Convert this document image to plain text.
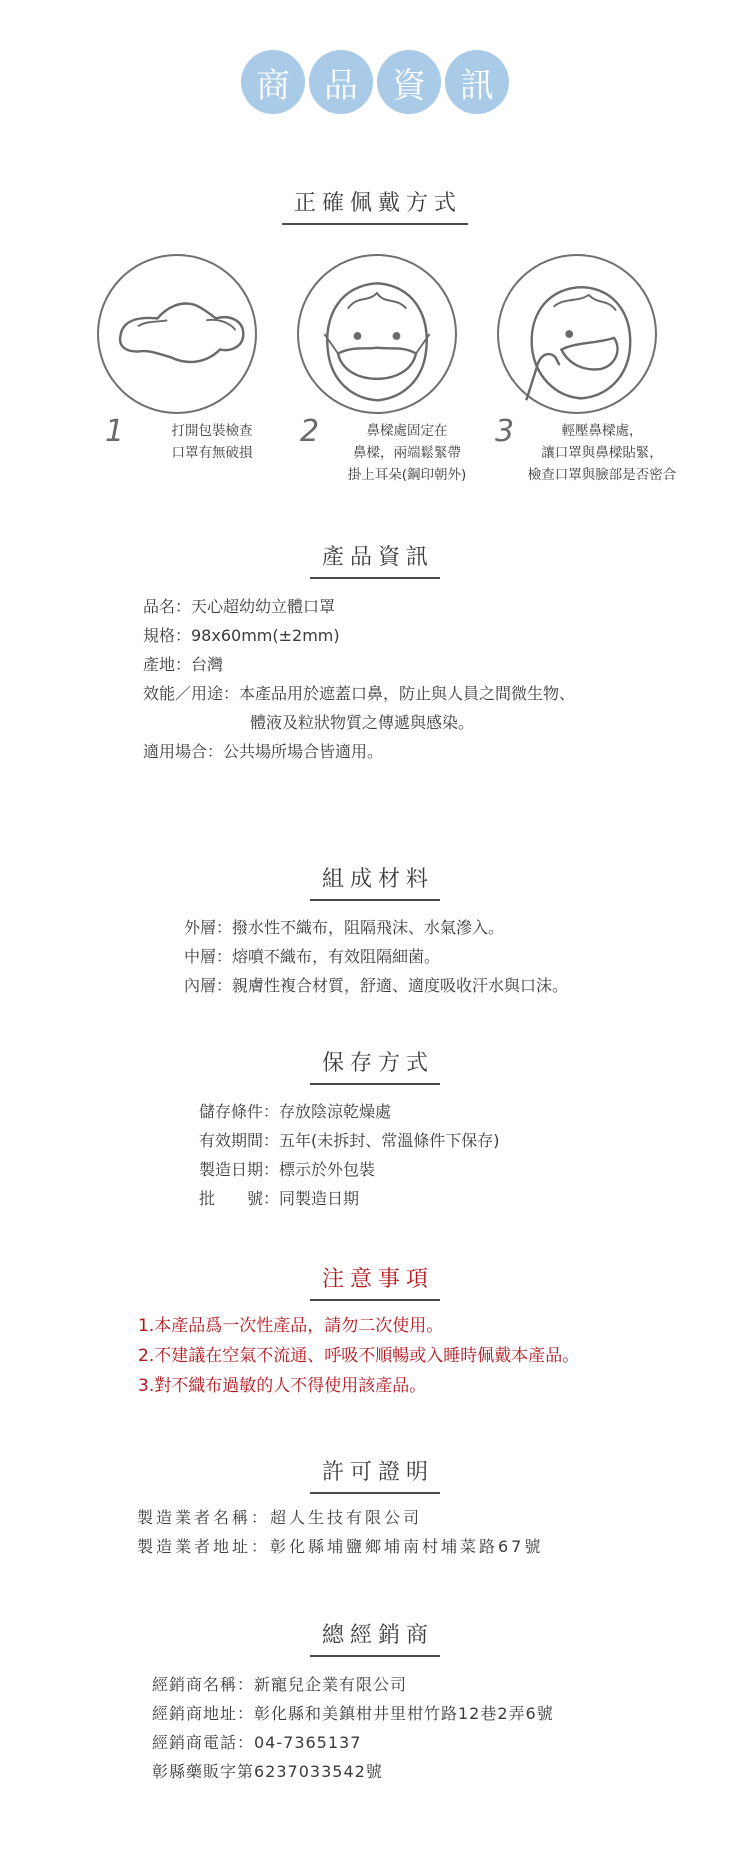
商	品	資	訊
正確佩戴方式
1	打開包裝檢查
口罩有無破損
2	鼻樑處固定在
鼻樑，兩端鬆緊帶
掛上耳朵(鋼印朝外)
3	輕壓鼻樑處，
讓口罩與鼻樑貼緊，
檢查口罩與臉部是否密合
產品資訊
品名：天心超幼幼立體口罩
規格：98x60mm(±2mm)
產地：台灣
效能／用途：本產品用於遮蓋口鼻，防止與人員之間微生物、
體液及粒狀物質之傳遞與感染。
適用場合：公共場所場合皆適用。
組成材料
外層：撥水性不織布，阻隔飛沫、水氣滲入。
中層：熔噴不織布，有效阻隔細菌。
內層：親膚性複合材質，舒適、適度吸收汗水與口沫。
保存方式
儲存條件：存放陰涼乾燥處
有效期間：五年(未拆封、常溫條件下保存)
製造日期：標示於外包裝
批　　號：同製造日期
注意事項
1.本產品爲一次性產品，請勿二次使用。
2.不建議在空氣不流通、呼吸不順暢或入睡時佩戴本產品。
3.對不織布過敏的人不得使用該產品。
許可證明
製造業者名稱：超人生技有限公司
製造業者地址：彰化縣埔鹽鄉埔南村埔菜路67號
總經銷商
經銷商名稱：新寵兒企業有限公司
經銷商地址：彰化縣和美鎮柑井里柑竹路12巷2弄6號
經銷商電話：04-7365137
彰縣藥販字第6237033542號
